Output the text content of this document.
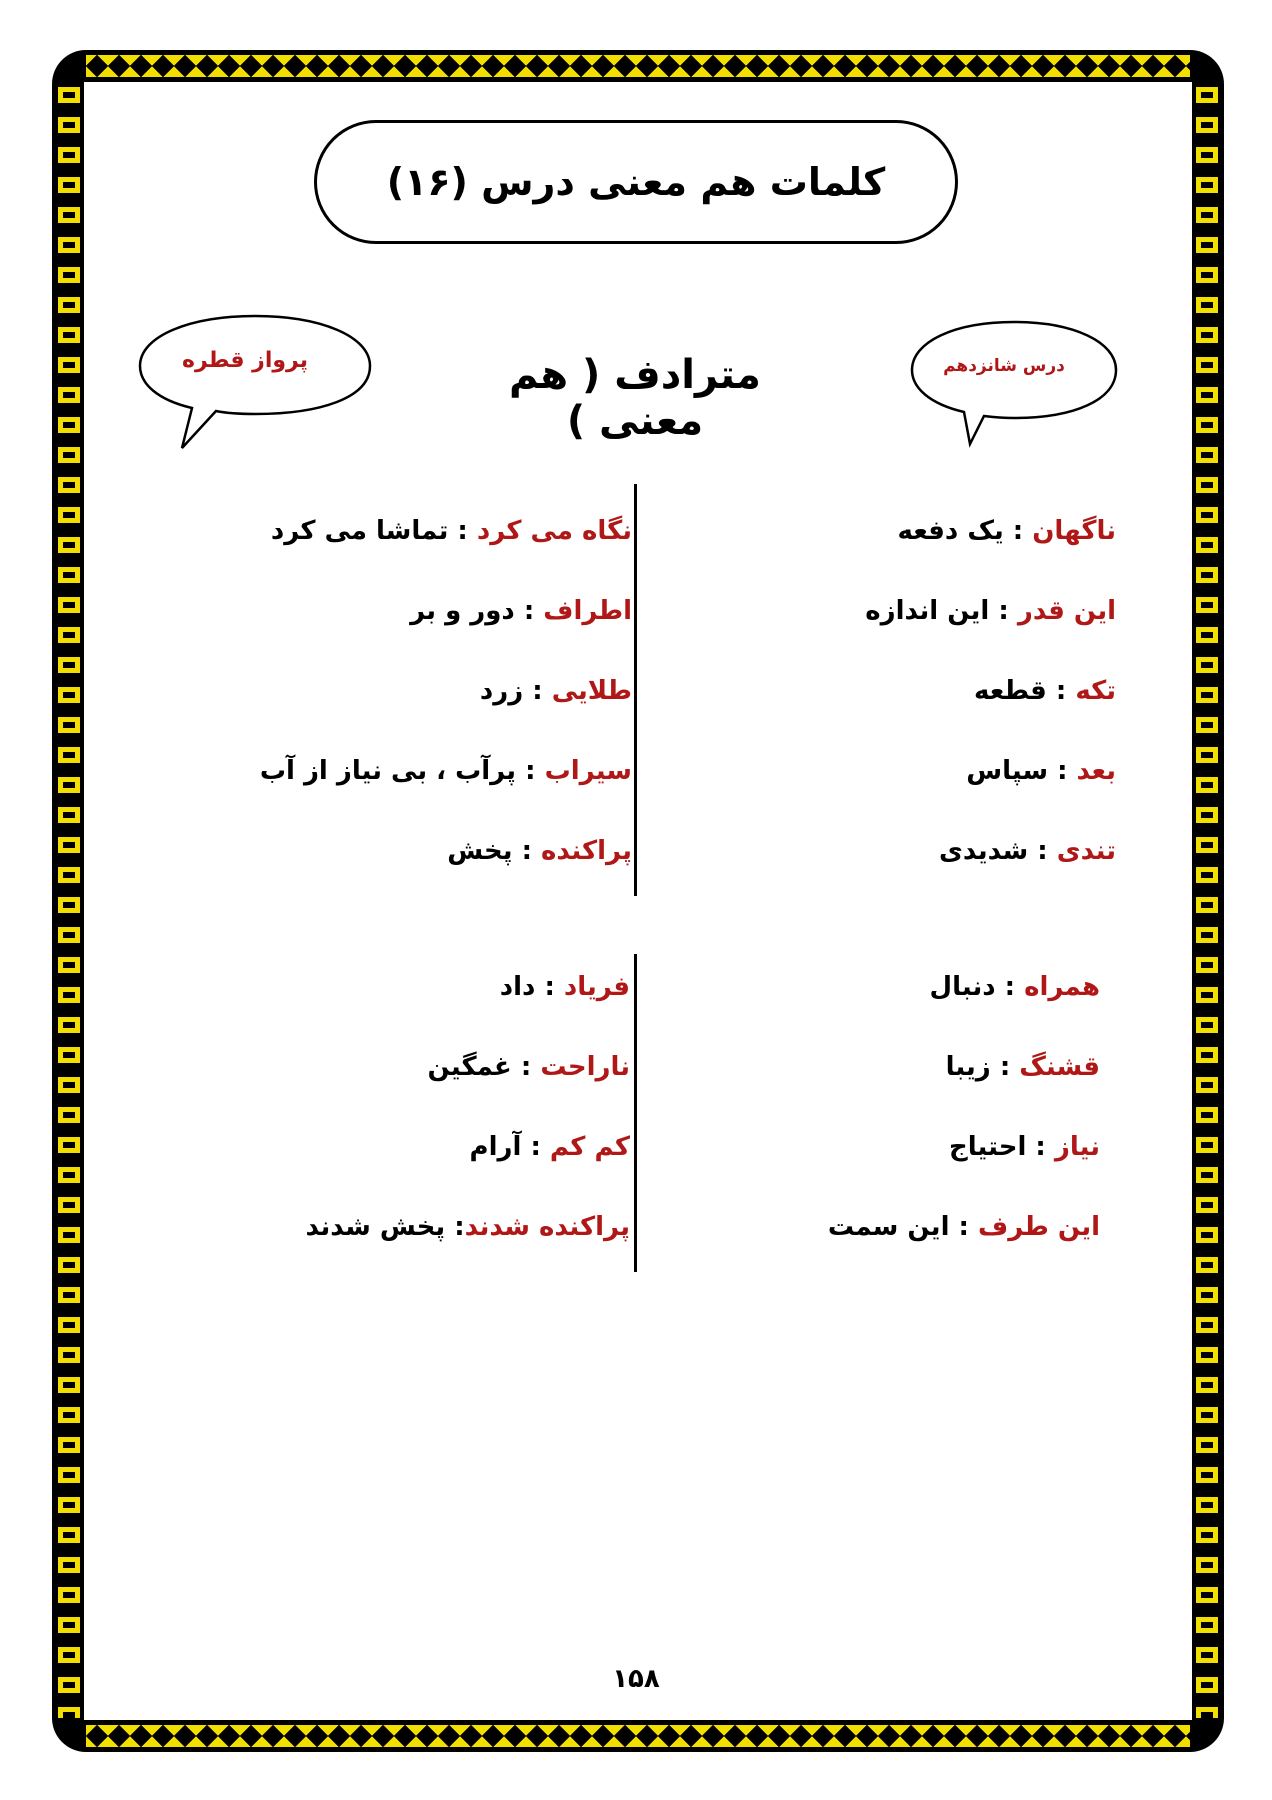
کلمات هم معنی درس (۱۶)
پرواز قطره	درس شانزدهم
مترادف ( هم معنی )
ناگهان : یک دفعه
این قدر : این اندازه
تکه : قطعه
بعد : سپاس
تندی : شدیدی
نگاه می کرد : تماشا می کرد
اطراف : دور و بر
طلایی : زرد
سیراب : پرآب ، بی نیاز از آب
پراکنده : پخش
همراه : دنبال
قشنگ : زیبا
نیاز : احتیاج
این طرف : این سمت
فریاد : داد
ناراحت : غمگین
کم کم : آرام
پراکنده شدند: پخش شدند
۱۵۸
